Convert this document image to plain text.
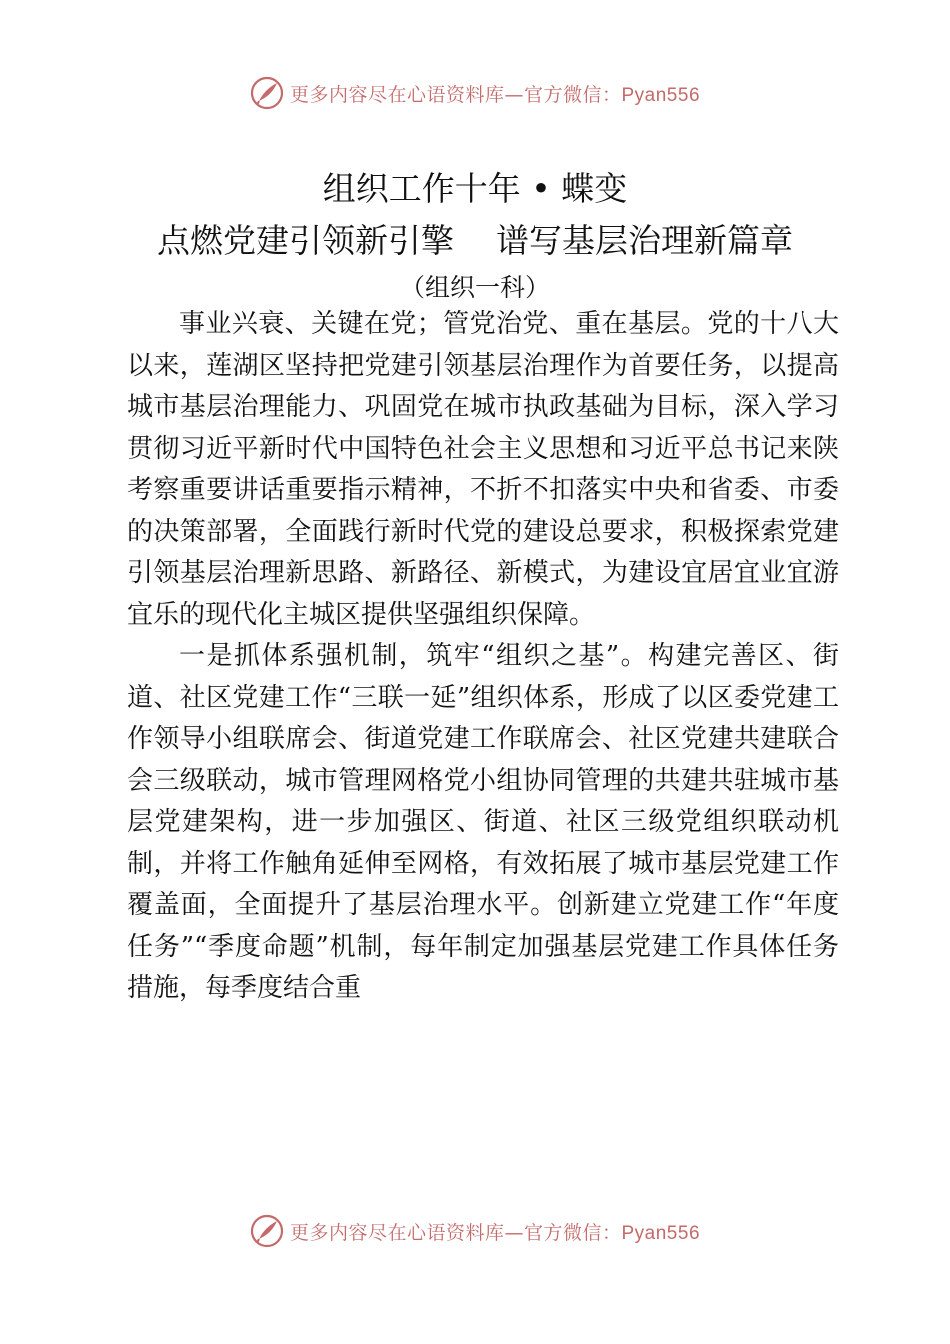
更多内容尽在心语资料库—官方微信：Pyan556
组织工作十年 • 蝶变
点燃党建引领新引擎    谱写基层治理新篇章
（组织一科）

事业兴衰、关键在党；管党治党、重在基层。党的十八大以来，莲湖区坚持把党建引领基层治理作为首要任务，以提高城市基层治理能力、巩固党在城市执政基础为目标，深入学习贯彻习近平新时代中国特色社会主义思想和习近平总书记来陕考察重要讲话重要指示精神，不折不扣落实中央和省委、市委的决策部署，全面践行新时代党的建设总要求，积极探索党建引领基层治理新思路、新路径、新模式，为建设宜居宜业宜游宜乐的现代化主城区提供坚强组织保障。

一是抓体系强机制，筑牢“组织之基”。构建完善区、街道、社区党建工作“三联一延”组织体系，形成了以区委党建工作领导小组联席会、街道党建工作联席会、社区党建共建联合会三级联动，城市管理网格党小组协同管理的共建共驻城市基层党建架构，进一步加强区、街道、社区三级党组织联动机制，并将工作触角延伸至网格，有效拓展了城市基层党建工作覆盖面，全面提升了基层治理水平。创新建立党建工作“年度任务”“季度命题”机制，每年制定加强基层党建工作具体任务措施，每季度结合重

更多内容尽在心语资料库—官方微信：Pyan556
